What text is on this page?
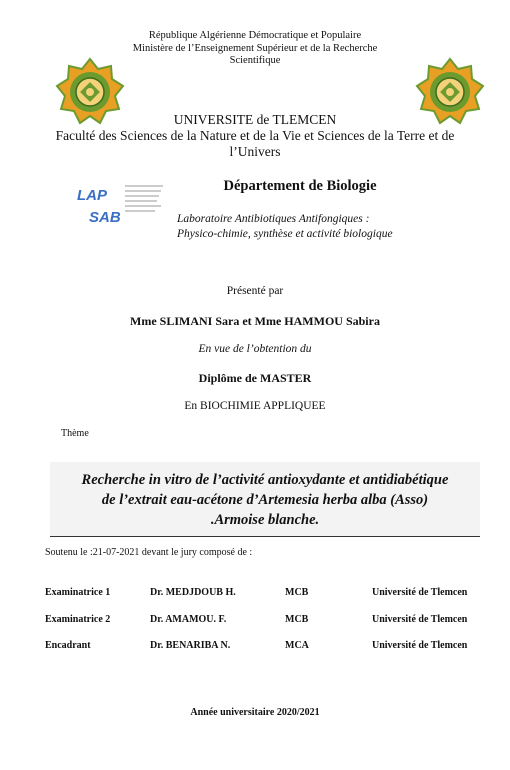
République Algérienne Démocratique et Populaire
Ministère de l’Enseignement Supérieur et de la Recherche
Scientifique
UNIVERSITE de TLEMCEN
Faculté des Sciences de la Nature et de la Vie et Sciences de la Terre et de
l’Univers
LAP
SAB
Département de Biologie
Laboratoire Antibiotiques Antifongiques :
Physico-chimie, synthèse et activité biologique
Présenté par
Mme SLIMANI Sara et Mme HAMMOU Sabira
En vue de l’obtention du
Diplôme de MASTER
En BIOCHIMIE APPLIQUEE
Thème
Recherche in vitro de l’activité antioxydante et antidiabétique
de l’extrait eau-acétone d’Artemesia herba alba (Asso)
.Armoise blanche.
Soutenu le :21-07-2021 devant le jury composé de :
Examinatrice 1	Dr. MEDJDOUB H.	MCB	Université de Tlemcen
Examinatrice 2	Dr. AMAMOU. F.	MCB	Université de Tlemcen
Encadrant	Dr. BENARIBA N.	MCA	Université de Tlemcen
Année universitaire 2020/2021
